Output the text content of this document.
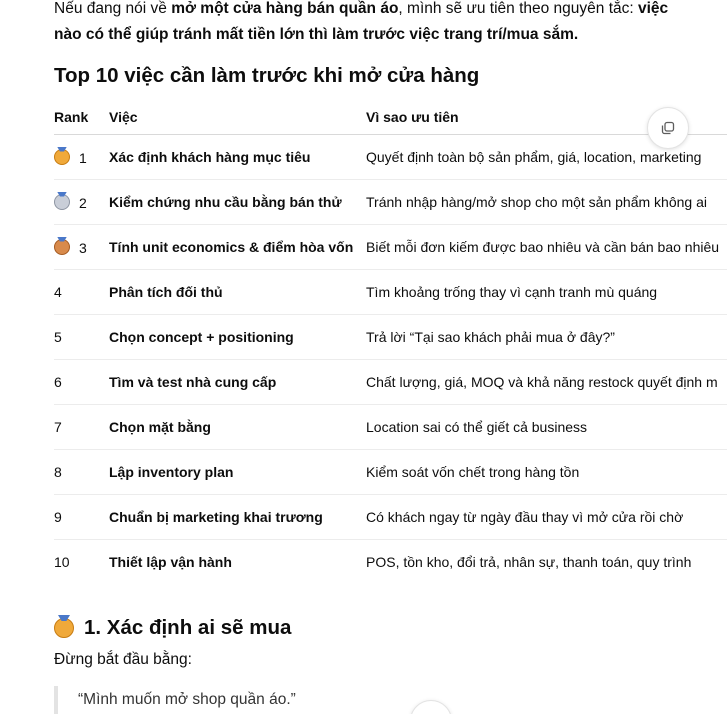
Nếu đang nói về mở một cửa hàng bán quần áo, mình sẽ ưu tiên theo nguyên tắc: việc nào có thể giúp tránh mất tiền lớn thì làm trước việc trang trí/mua sắm.
Top 10 việc cần làm trước khi mở cửa hàng
Rank	Việc	Vì sao ưu tiên
1	Xác định khách hàng mục tiêu	Quyết định toàn bộ sản phẩm, giá, location, marketing
2	Kiểm chứng nhu cầu bằng bán thử	Tránh nhập hàng/mở shop cho một sản phẩm không ai
3	Tính unit economics & điểm hòa vốn	Biết mỗi đơn kiếm được bao nhiêu và cần bán bao nhiêu
4	Phân tích đối thủ	Tìm khoảng trống thay vì cạnh tranh mù quáng
5	Chọn concept + positioning	Trả lời “Tại sao khách phải mua ở đây?”
6	Tìm và test nhà cung cấp	Chất lượng, giá, MOQ và khả năng restock quyết định m
7	Chọn mặt bằng	Location sai có thể giết cả business
8	Lập inventory plan	Kiểm soát vốn chết trong hàng tồn
9	Chuẩn bị marketing khai trương	Có khách ngay từ ngày đầu thay vì mở cửa rồi chờ
10	Thiết lập vận hành	POS, tồn kho, đổi trả, nhân sự, thanh toán, quy trình
1. Xác định ai sẽ mua

Đừng bắt đầu bằng:

“Mình muốn mở shop quần áo.”
